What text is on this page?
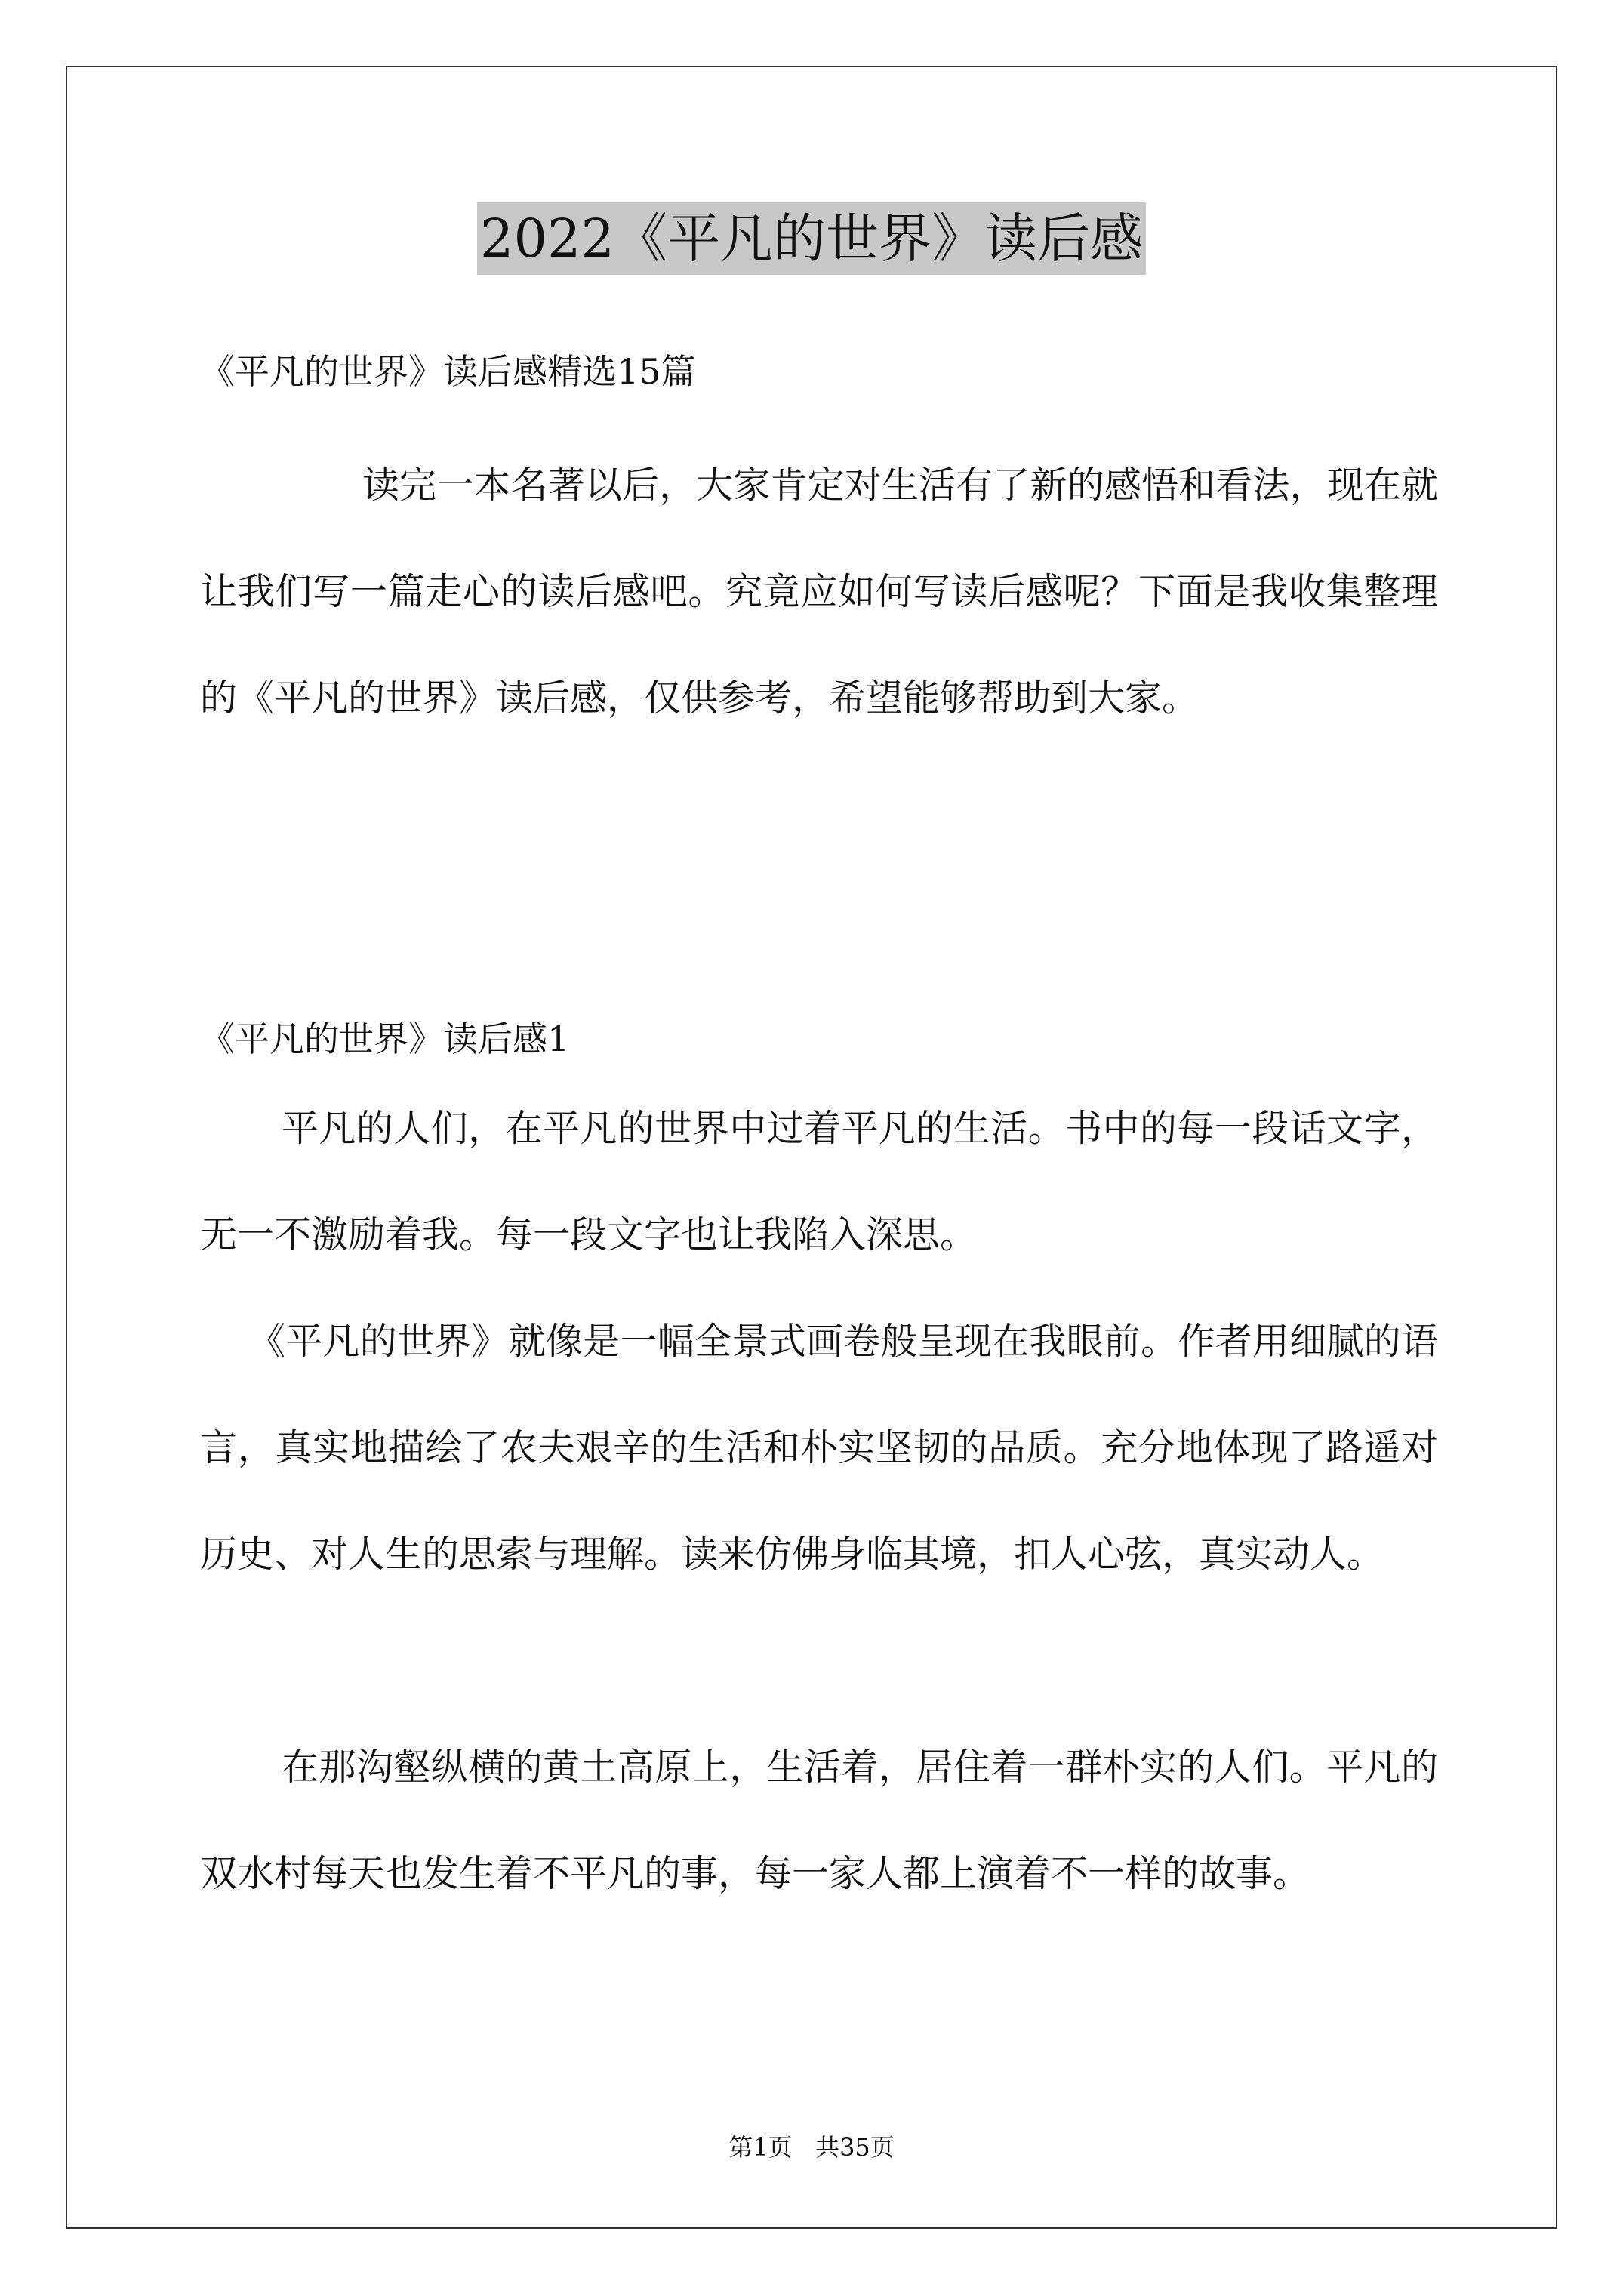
2022《平凡的世界》读后感
《平凡的世界》读后感精选15篇

读完一本名著以后，大家肯定对生活有了新的感悟和看法，现在就让我们写一篇走心的读后感吧。究竟应如何写读后感呢？下面是我收集整理的《平凡的世界》读后感，仅供参考，希望能够帮助到大家。

《平凡的世界》读后感1

平凡的人们，在平凡的世界中过着平凡的生活。书中的每一段话文字，无一不激励着我。每一段文字也让我陷入深思。

《平凡的世界》就像是一幅全景式画卷般呈现在我眼前。作者用细腻的语言，真实地描绘了农夫艰辛的生活和朴实坚韧的品质。充分地体现了路遥对历史、对人生的思索与理解。读来仿佛身临其境，扣人心弦，真实动人。

在那沟壑纵横的黄土高原上，生活着，居住着一群朴实的人们。平凡的双水村每天也发生着不平凡的事，每一家人都上演着不一样的故事。

第1页   共35页
